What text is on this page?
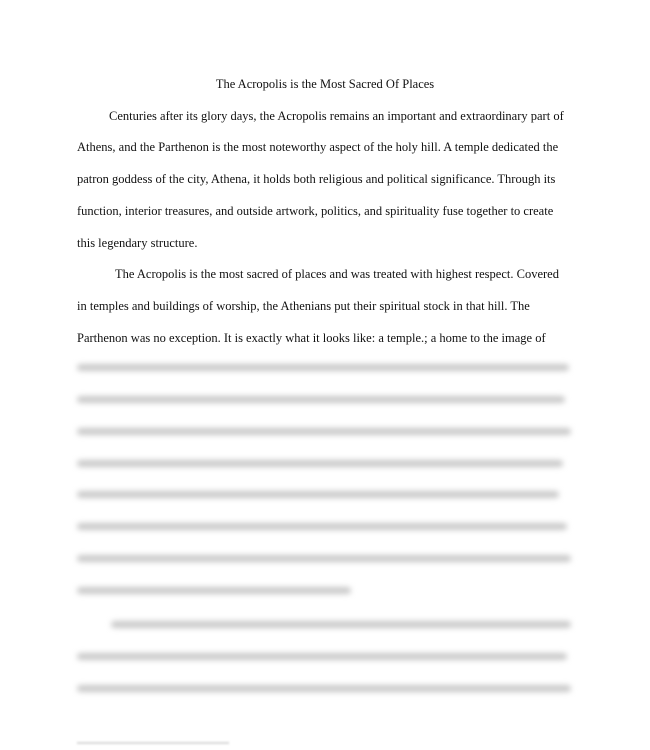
The Acropolis is the Most Sacred Of Places
Centuries after its glory days, the Acropolis remains an important and extraordinary part of
Athens, and the Parthenon is the most noteworthy aspect of the holy hill. A temple dedicated the
patron goddess of the city, Athena, it holds both religious and political significance. Through its
function, interior treasures, and outside artwork, politics, and spirituality fuse together to create
this legendary structure.
The Acropolis is the most sacred of places and was treated with highest respect. Covered
in temples and buildings of worship, the Athenians put their spiritual stock in that hill. The
Parthenon was no exception. It is exactly what it looks like: a temple.; a home to the image of
